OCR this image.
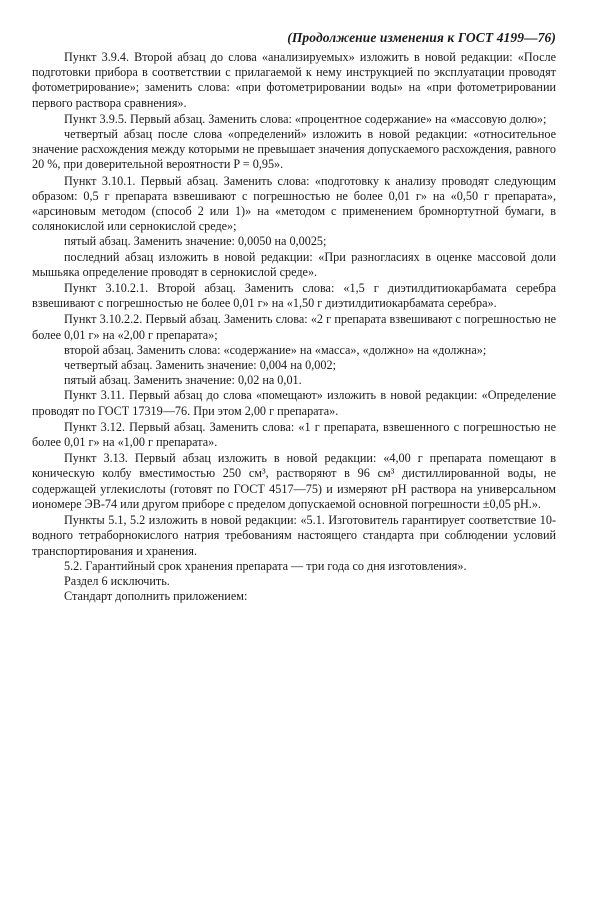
(Продолжение изменения к ГОСТ 4199—76)

Пункт 3.9.4. Второй абзац до слова «анализируемых» изложить в новой редакции: «После подготовки прибора в соответствии с прилагаемой к нему инструкцией по эксплуатации проводят фотометрирование»; заменить слова: «при фотометрировании воды» на «при фотометрировании первого раствора сравнения».

Пункт 3.9.5. Первый абзац. Заменить слова: «процентное содержание» на «массовую долю»;

четвертый абзац после слова «определений» изложить в новой редакции: «относительное значение расхождения между которыми не превышает значения допускаемого расхождения, равного 20 %, при доверительной вероятности P = 0,95».

Пункт 3.10.1. Первый абзац. Заменить слова: «подготовку к анализу проводят следующим образом: 0,5 г препарата взвешивают с погрешностью не более 0,01 г» на «0,50 г препарата», «арсиновым методом (способ 2 или 1)» на «методом с применением бромнортутной бумаги, в солянокислой или сернокислой среде»;

пятый абзац. Заменить значение: 0,0050 на 0,0025;

последний абзац изложить в новой редакции: «При разногласиях в оценке массовой доли мышьяка определение проводят в сернокислой среде».

Пункт 3.10.2.1. Второй абзац. Заменить слова: «1,5 г диэтилдитиокарбамата серебра взвешивают с погрешностью не более 0,01 г» на «1,50 г диэтилдитиокарбамата серебра».

Пункт 3.10.2.2. Первый абзац. Заменить слова: «2 г препарата взвешивают с погрешностью не более 0,01 г» на «2,00 г препарата»;

второй абзац. Заменить слова: «содержание» на «масса», «должно» на «должна»;

четвертый абзац. Заменить значение: 0,004 на 0,002;

пятый абзац. Заменить значение: 0,02 на 0,01.

Пункт 3.11. Первый абзац до слова «помещают» изложить в новой редакции: «Определение проводят по ГОСТ 17319—76. При этом 2,00 г препарата».

Пункт 3.12. Первый абзац. Заменить слова: «1 г препарата, взвешенного с погрешностью не более 0,01 г» на «1,00 г препарата».

Пункт 3.13. Первый абзац изложить в новой редакции: «4,00 г препарата помещают в коническую колбу вместимостью 250 см³, растворяют в 96 см³ дистиллированной воды, не содержащей углекислоты (готовят по ГОСТ 4517—75) и измеряют pH раствора на универсальном иономере ЭВ-74 или другом приборе с пределом допускаемой основной погрешности ±0,05 pH.».

Пункты 5.1, 5.2 изложить в новой редакции: «5.1. Изготовитель гарантирует соответствие 10-водного тетраборнокислого натрия требованиям настоящего стандарта при соблюдении условий транспортирования и хранения.

5.2. Гарантийный срок хранения препарата — три года со дня изготовления».

Раздел 6 исключить.

Стандарт дополнить приложением:
